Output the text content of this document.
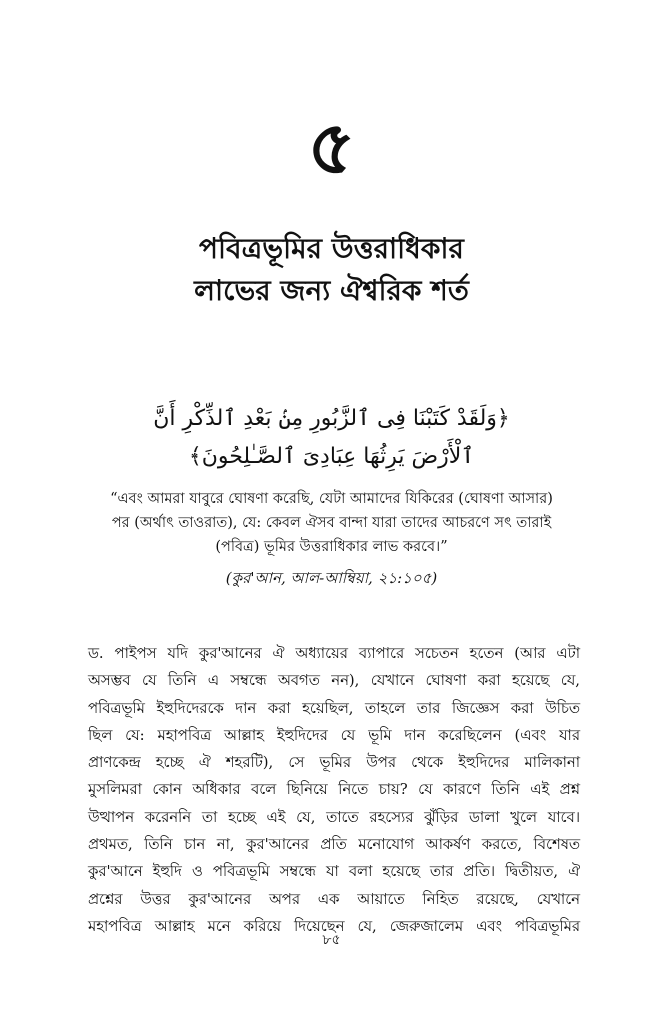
৫
পবিত্রভূমির উত্তরাধিকার
লাভের জন্য ঐশ্বরিক শর্ত
﴿وَلَقَدْ كَتَبْنَا فِى ٱلزَّبُورِ مِنۢ بَعْدِ ٱلذِّكْرِ أَنَّ
ٱلْأَرْضَ يَرِثُهَا عِبَادِىَ ٱلصَّـٰلِحُونَ﴾
“এবং আমরা যাবুরে ঘোষণা করেছি, যেটা আমাদের যিকিরের (ঘোষণা আসার)
পর (অর্থাৎ তাওরাত), যে: কেবল ঐসব বান্দা যারা তাদের আচরণে সৎ তারাই
(পবিত্র) ভূমির উত্তরাধিকার লাভ করবে।”
(কুর'আন, আল-আম্বিয়া, ২১:১০৫)
ড. পাইপস যদি কুর'আনের ঐ অধ্যায়ের ব্যাপারে সচেতন হতেন (আর এটা
অসম্ভব যে তিনি এ সম্বন্ধে অবগত নন), যেখানে ঘোষণা করা হয়েছে যে,
পবিত্রভূমি ইহুদিদেরকে দান করা হয়েছিল, তাহলে তার জিজ্ঞেস করা উচিত
ছিল যে: মহাপবিত্র আল্লাহ ইহুদিদের যে ভূমি দান করেছিলেন (এবং যার
প্রাণকেন্দ্র হচ্ছে ঐ শহরটি), সে ভূমির উপর থেকে ইহুদিদের মালিকানা
মুসলিমরা কোন অধিকার বলে ছিনিয়ে নিতে চায়? যে কারণে তিনি এই প্রশ্ন
উত্থাপন করেননি তা হচ্ছে এই যে, তাতে রহস্যের ঝুঁড়ির ডালা খুলে যাবে।
প্রথমত, তিনি চান না, কুর'আনের প্রতি মনোযোগ আকর্ষণ করতে, বিশেষত
কুর'আনে ইহুদি ও পবিত্রভূমি সম্বন্ধে যা বলা হয়েছে তার প্রতি। দ্বিতীয়ত, ঐ
প্রশ্নের উত্তর কুর'আনের অপর এক আয়াতে নিহিত রয়েছে, যেখানে
মহাপবিত্র আল্লাহ মনে করিয়ে দিয়েছেন যে, জেরুজালেম এবং পবিত্রভূমির
৮৫
